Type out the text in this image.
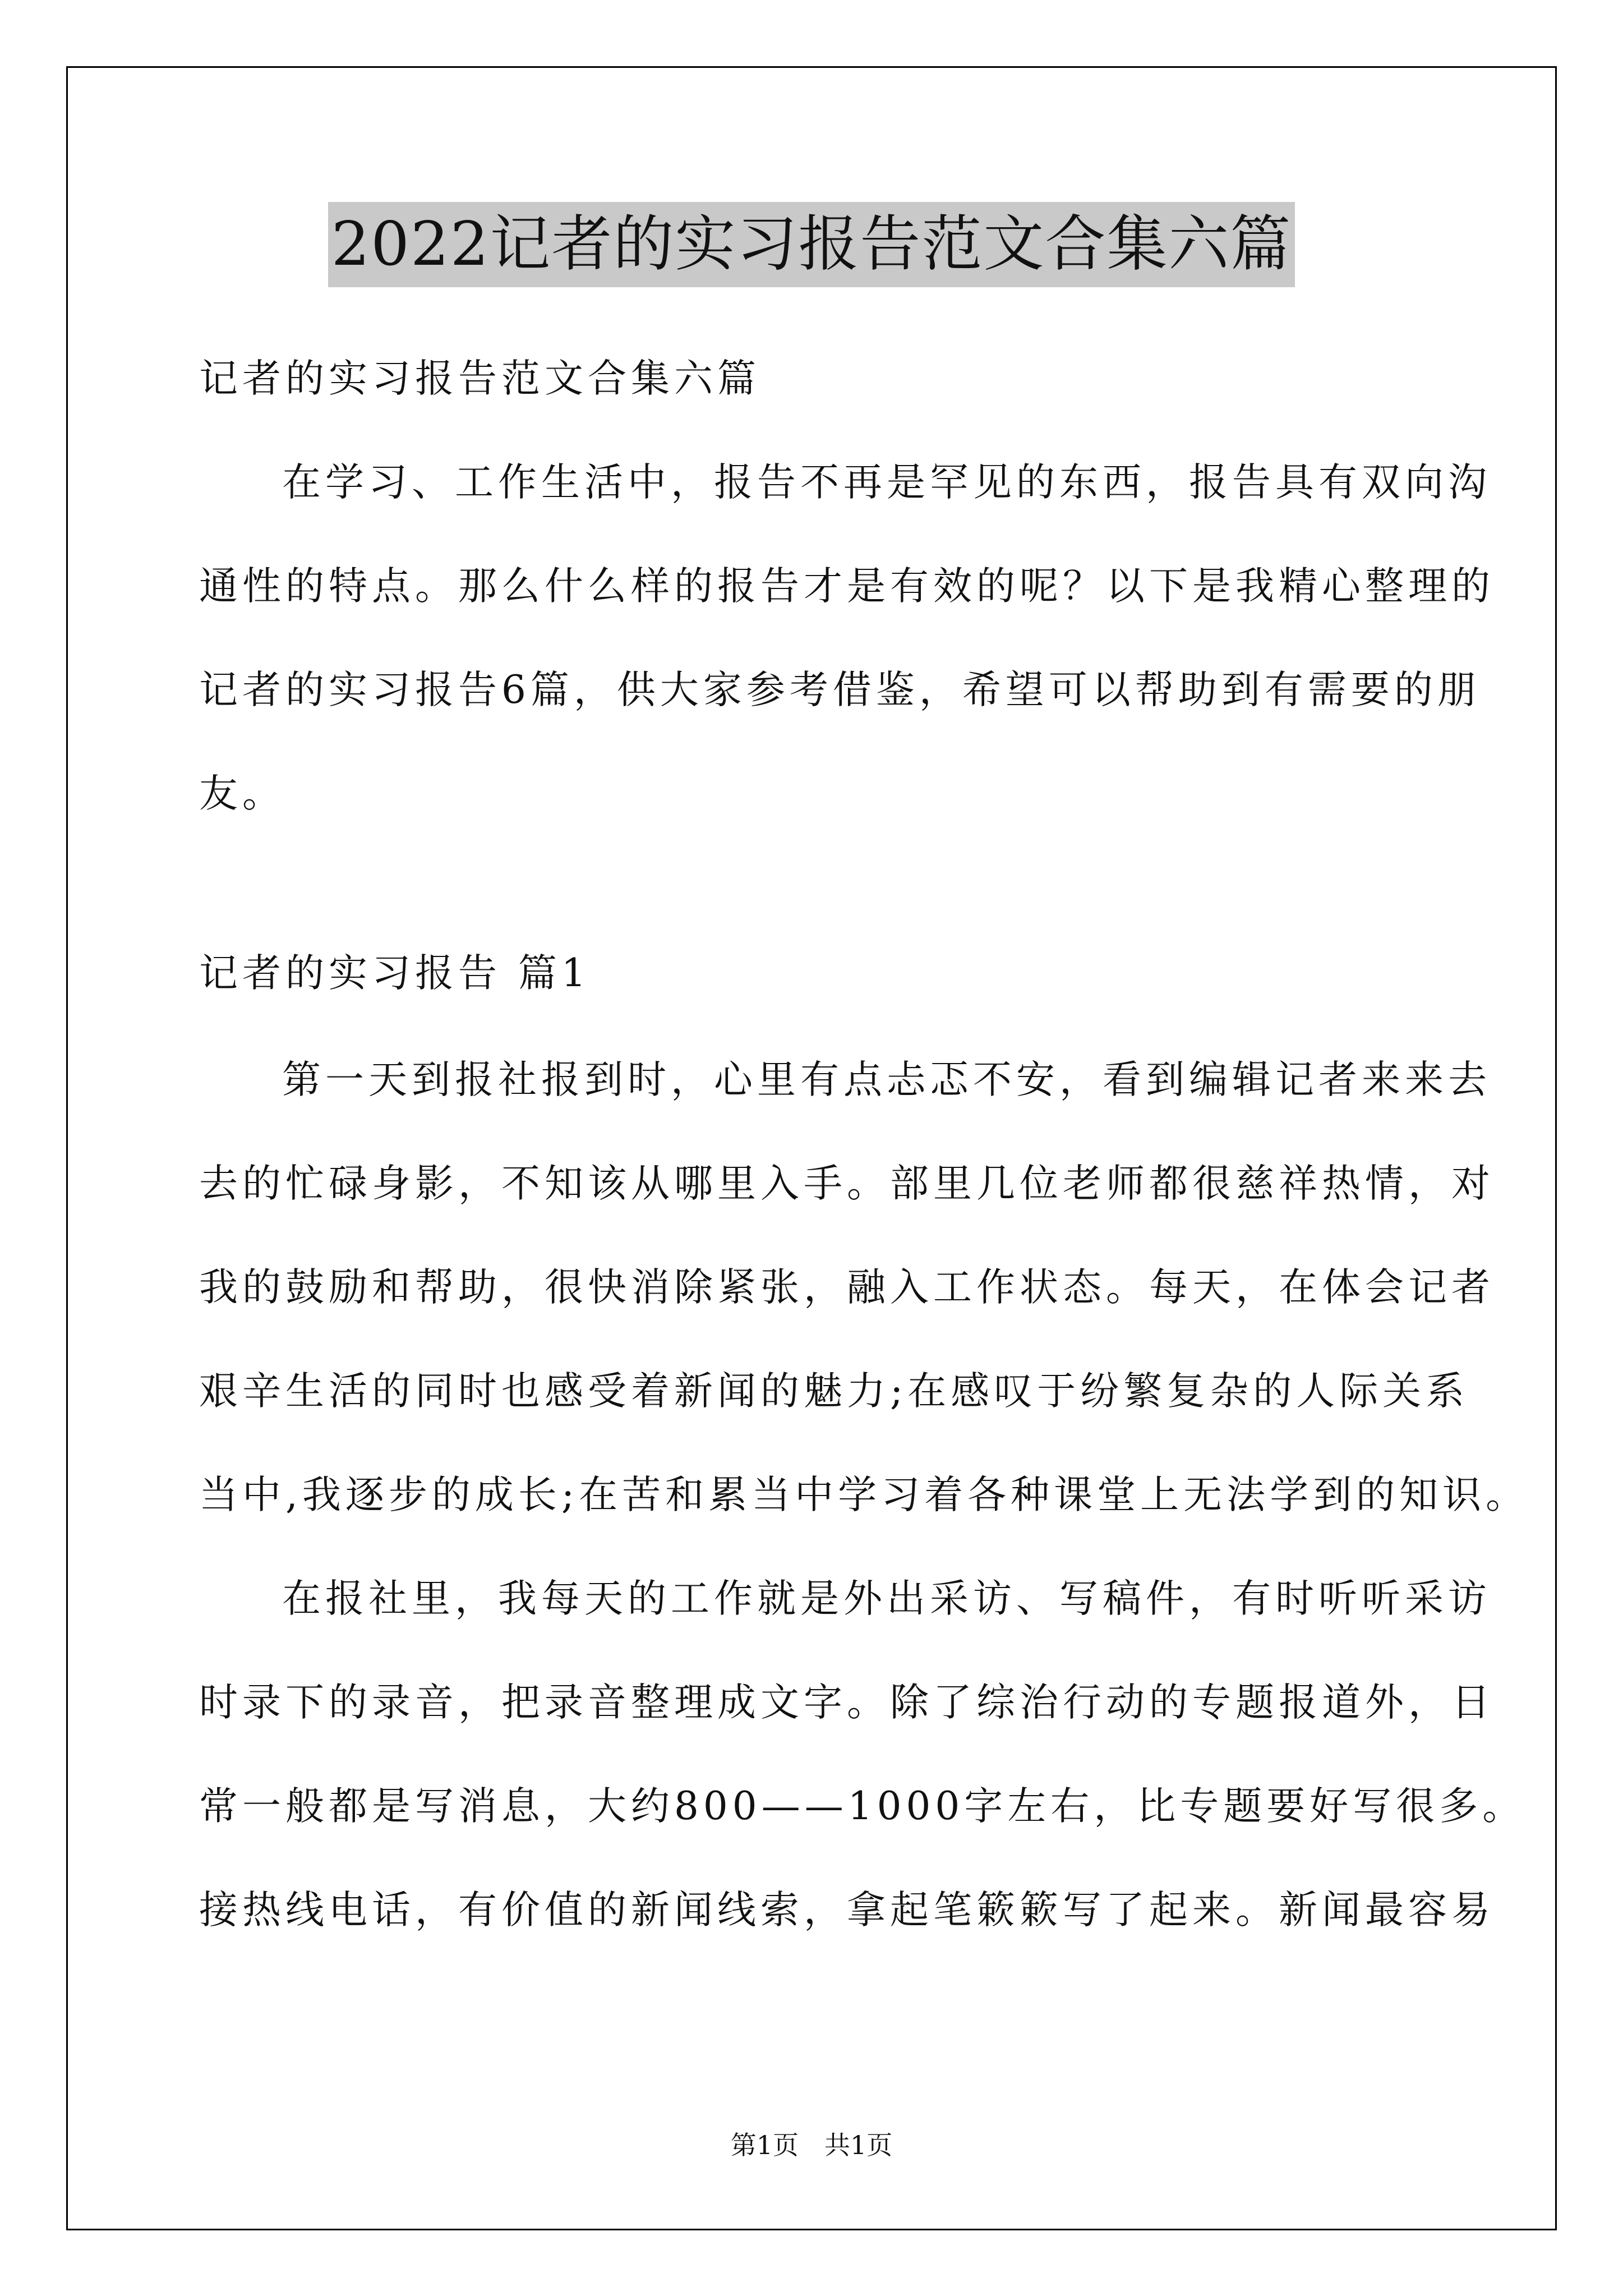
2022记者的实习报告范文合集六篇
记者的实习报告范文合集六篇
在学习、工作生活中，报告不再是罕见的东西，报告具有双向沟
通性的特点。那么什么样的报告才是有效的呢？以下是我精心整理的
记者的实习报告6篇，供大家参考借鉴，希望可以帮助到有需要的朋
友。
记者的实习报告 篇1
第一天到报社报到时，心里有点忐忑不安，看到编辑记者来来去
去的忙碌身影，不知该从哪里入手。部里几位老师都很慈祥热情，对
我的鼓励和帮助，很快消除紧张，融入工作状态。每天，在体会记者
艰辛生活的同时也感受着新闻的魅力;在感叹于纷繁复杂的人际关系
当中,我逐步的成长;在苦和累当中学习着各种课堂上无法学到的知识。
在报社里，我每天的工作就是外出采访、写稿件，有时听听采访
时录下的录音，把录音整理成文字。除了综治行动的专题报道外，日
常一般都是写消息，大约800——1000字左右，比专题要好写很多。
接热线电话，有价值的新闻线索，拿起笔簌簌写了起来。新闻最容易
第1页　共1页
